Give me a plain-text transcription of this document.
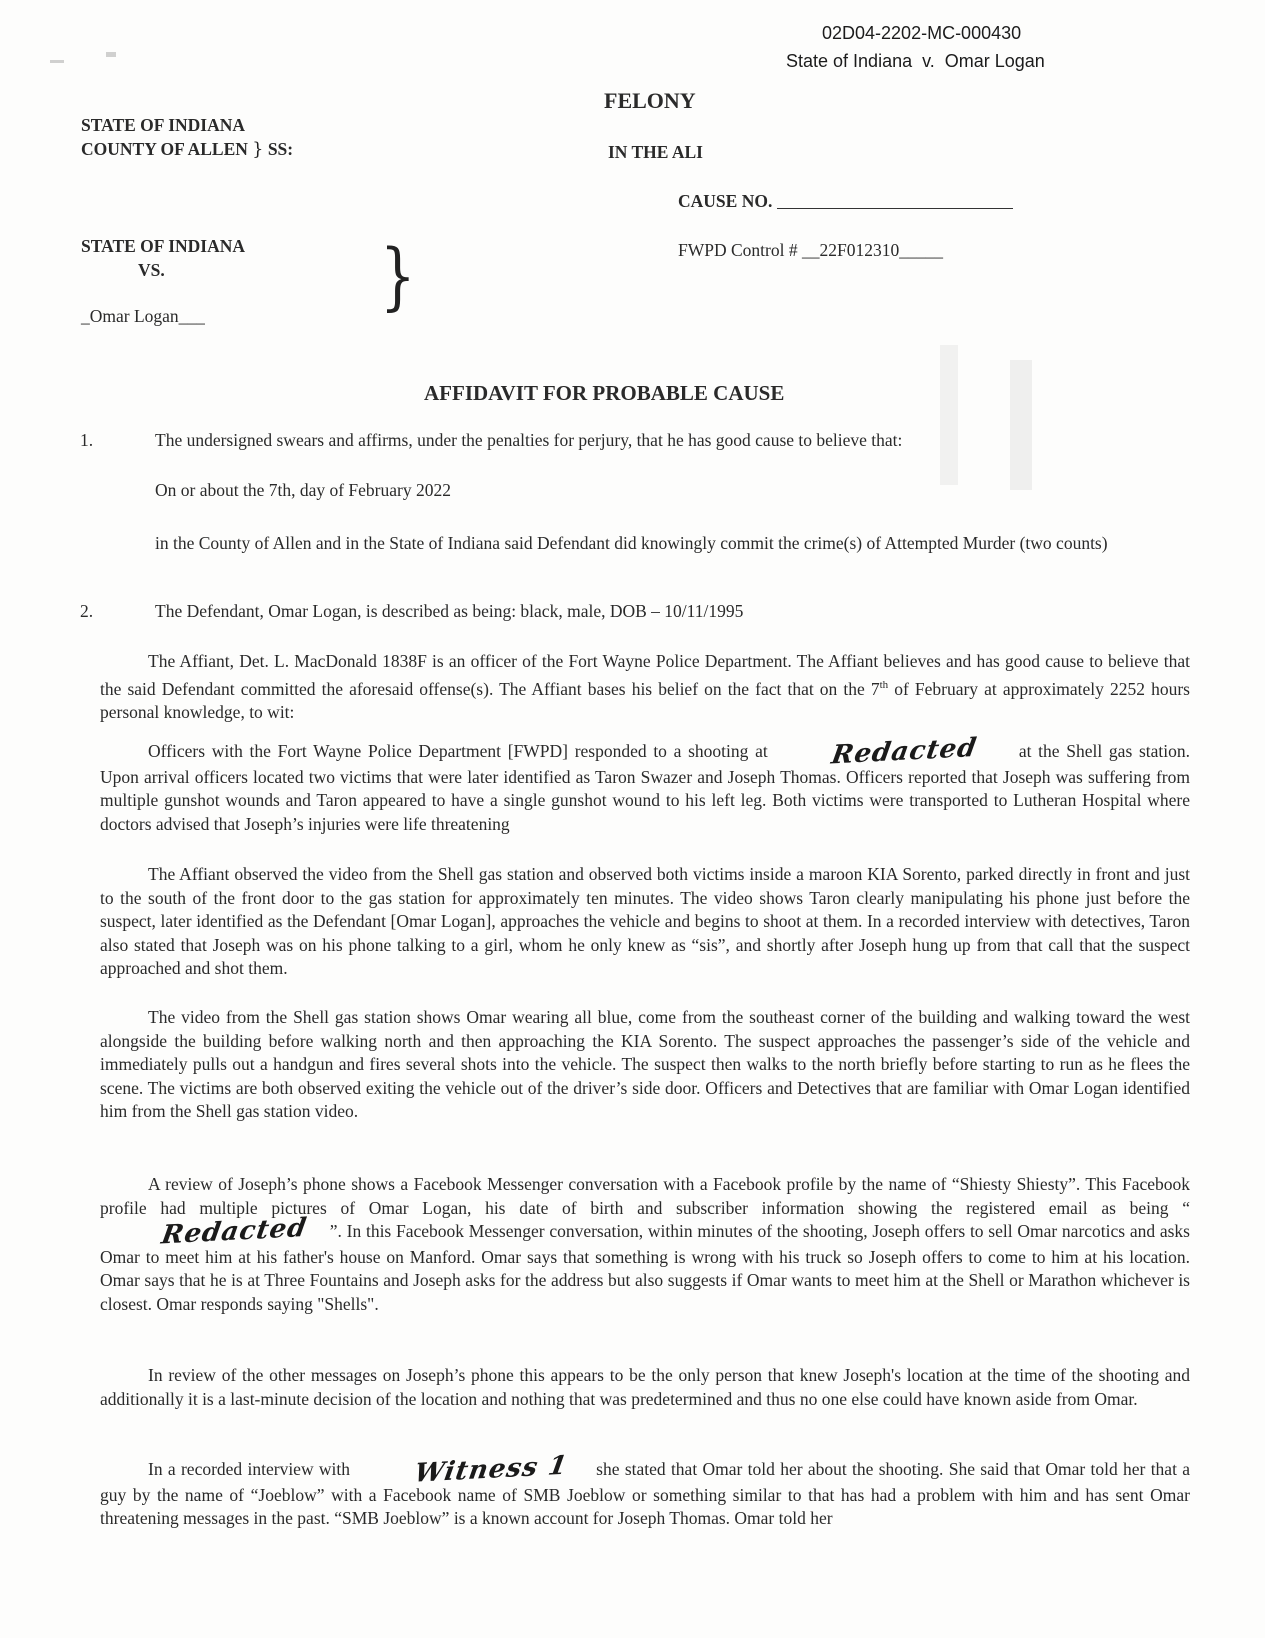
02D04-2202-MC-000430
State of Indiana  v.  Omar Logan
FELONY
STATE OF INDIANA
COUNTY OF ALLEN } SS:	IN THE ALI
CAUSE NO.
FWPD Control # __22F012310_____
STATE OF INDIANA
VS.	}
_Omar Logan___
AFFIDAVIT FOR PROBABLE CAUSE
1.	The undersigned swears and affirms, under the penalties for perjury, that he has good cause to believe that:
On or about the 7th, day of February 2022
in the County of Allen and in the State of Indiana said Defendant did knowingly commit the crime(s) of Attempted Murder (two counts)
2.	The Defendant, Omar Logan, is described as being: black, male, DOB – 10/11/1995
The Affiant, Det. L. MacDonald 1838F is an officer of the Fort Wayne Police Department. The Affiant believes and has good cause to believe that the said Defendant committed the aforesaid offense(s). The Affiant bases his belief on the fact that on the 7th of February at approximately 2252 hours personal knowledge, to wit:
Officers with the Fort Wayne Police Department [FWPD] responded to a shooting at Redacted at the Shell gas station. Upon arrival officers located two victims that were later identified as Taron Swazer and Joseph Thomas. Officers reported that Joseph was suffering from multiple gunshot wounds and Taron appeared to have a single gunshot wound to his left leg. Both victims were transported to Lutheran Hospital where doctors advised that Joseph’s injuries were life threatening
The Affiant observed the video from the Shell gas station and observed both victims inside a maroon KIA Sorento, parked directly in front and just to the south of the front door to the gas station for approximately ten minutes. The video shows Taron clearly manipulating his phone just before the suspect, later identified as the Defendant [Omar Logan], approaches the vehicle and begins to shoot at them. In a recorded interview with detectives, Taron also stated that Joseph was on his phone talking to a girl, whom he only knew as “sis”, and shortly after Joseph hung up from that call that the suspect approached and shot them.
The video from the Shell gas station shows Omar wearing all blue, come from the southeast corner of the building and walking toward the west alongside the building before walking north and then approaching the KIA Sorento. The suspect approaches the passenger’s side of the vehicle and immediately pulls out a handgun and fires several shots into the vehicle. The suspect then walks to the north briefly before starting to run as he flees the scene. The victims are both observed exiting the vehicle out of the driver’s side door. Officers and Detectives that are familiar with Omar Logan identified him from the Shell gas station video.
A review of Joseph’s phone shows a Facebook Messenger conversation with a Facebook profile by the name of “Shiesty Shiesty”. This Facebook profile had multiple pictures of Omar Logan, his date of birth and subscriber information showing the registered email as being “Redacted ”. In this Facebook Messenger conversation, within minutes of the shooting, Joseph offers to sell Omar narcotics and asks Omar to meet him at his father's house on Manford. Omar says that something is wrong with his truck so Joseph offers to come to him at his location. Omar says that he is at Three Fountains and Joseph asks for the address but also suggests if Omar wants to meet him at the Shell or Marathon whichever is closest. Omar responds saying "Shells".
In review of the other messages on Joseph’s phone this appears to be the only person that knew Joseph's location at the time of the shooting and additionally it is a last-minute decision of the location and nothing that was predetermined and thus no one else could have known aside from Omar.
In a recorded interview with Witness 1 she stated that Omar told her about the shooting. She said that Omar told her that a guy by the name of “Joeblow” with a Facebook name of SMB Joeblow or something similar to that has had a problem with him and has sent Omar threatening messages in the past. “SMB Joeblow” is a known account for Joseph Thomas. Omar told her
